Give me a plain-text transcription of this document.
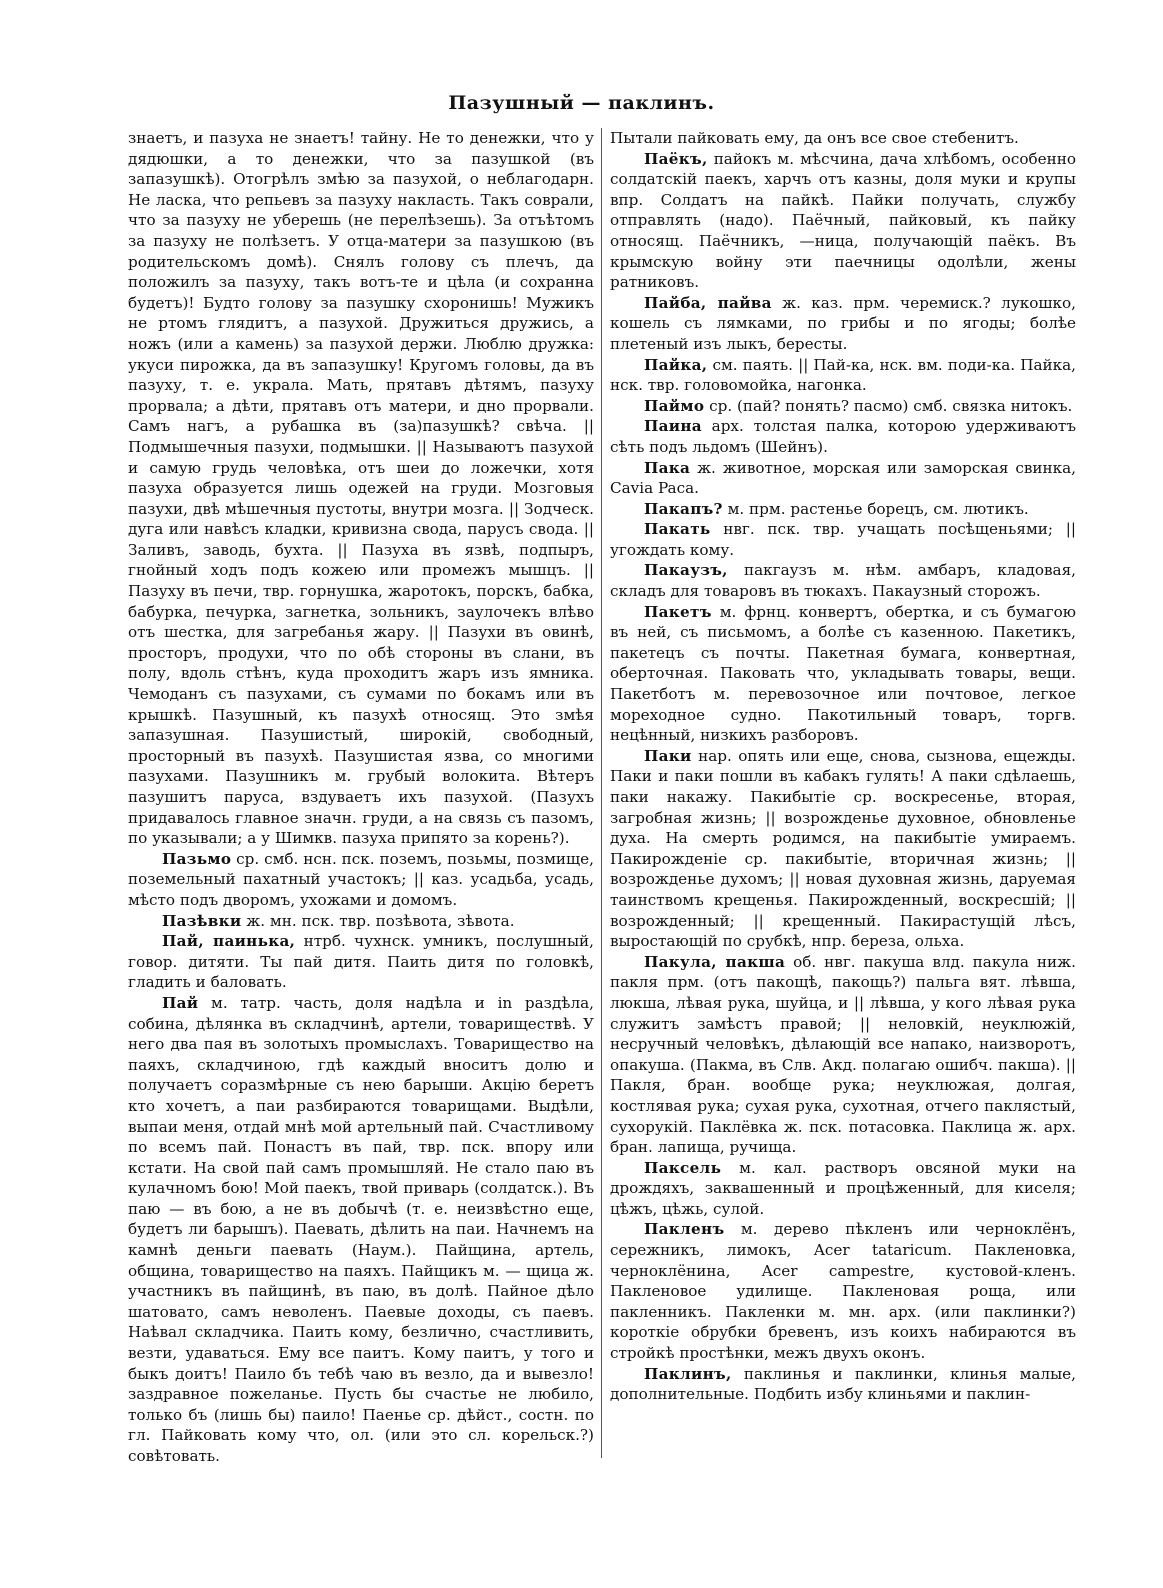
Пазушный — паклинъ.

знаетъ, и пазуха не знаетъ! тайну. Не то денежки, что у дядюшки, а то денежки, что за пазушкой (въ запазушкѣ). Отогрѣлъ змѣю за пазухой, о неблагодарн. Не ласка, что репьевъ за пазуху накласть. Такъ соврали, что за пазуху не уберешь (не перелѣзешь). За отъѣтомъ за пазуху не полѣзетъ. У отца-матери за пазушкою (въ родительскомъ домѣ). Снялъ голову съ плечъ, да положилъ за пазуху, такъ вотъ-те и цѣла (и сохранна будетъ)! Будто голову за пазушку схоронишь! Мужикъ не ртомъ глядитъ, а пазухой. Дружиться дружись, а ножъ (или а камень) за пазухой держи. Люблю дружка: укуси пирожка, да въ запазушку! Кругомъ головы, да въ пазуху, т. е. украла. Мать, прятавъ дѣтямъ, пазуху прорвала; а дѣти, прятавъ отъ матери, и дно прорвали. Самъ нагъ, а рубашка въ (за)пазушкѣ? свѣча. || Подмышечныя пазухи, подмышки. || Называютъ пазухой и самую грудь человѣка, отъ шеи до ложечки, хотя пазуха образуется лишь одежей на груди. Мозговыя пазухи, двѣ мѣшечныя пустоты, внутри мозга. || Зодческ. дуга или навѣсъ кладки, кривизна свода, парусъ свода. || Заливъ, заводь, бухта. || Пазуха въ язвѣ, подпыръ, гнойный ходъ подъ кожею или промежъ мышцъ. || Пазуху въ печи, твр. горнушка, жаротокъ, порскъ, бабка, бабурка, печурка, загнетка, зольникъ, заулочекъ влѣво отъ шестка, для загребанья жару. || Пазухи въ овинѣ, просторъ, продухи, что по обѣ стороны въ слани, въ полу, вдоль стѣнъ, куда проходитъ жаръ изъ ямника. Чемоданъ съ пазухами, съ сумами по бокамъ или въ крышкѣ. Пазушный, къ пазухѣ относящ. Это змѣя запазушная. Пазушистый, широкій, свободный, просторный въ пазухѣ. Пазушистая язва, со многими пазухами. Пазушникъ м. грубый волокита. Вѣтеръ пазушитъ паруса, вздуваетъ ихъ пазухой. (Пазухъ придавалось главное значн. груди, а на связь съ пазомъ, по указывали; а у Шимкв. пазуха припято за корень?).

Пазьмо ср. смб. нсн. пск. поземъ, позьмы, позмище, поземельный пахатный участокъ; || каз. усадьба, усадь, мѣсто подъ дворомъ, ухожами и домомъ.

Пазѣвки ж. мн. пск. твр. позѣвота, зѣвота.

Пай, паинька, нтрб. чухнск. умникъ, послушный, говор. дитяти. Ты пай дитя. Паить дитя по головкѣ, гладить и баловать.

Пай м. татр. часть, доля надѣла и in раздѣла, собина, дѣлянка въ складчинѣ, артели, товариществѣ. У него два пая въ золотыхъ промыслахъ. Товарищество на паяхъ, складчиною, гдѣ каждый вноситъ долю и получаетъ соразмѣрные съ нею барыши. Акцію беретъ кто хочетъ, а паи разбираются товарищами. Выдѣли, выпаи меня, отдай мнѣ мой артельный пай. Счастливому по всемъ пай. Понастъ въ пай, твр. пск. впору или кстати. На свой пай самъ промышляй. Не стало паю въ кулачномъ бою! Мой паекъ, твой приварь (солдатск.). Въ паю — въ бою, а не въ добычѣ (т. е. неизвѣстно еще, будетъ ли барышъ). Паевать, дѣлить на паи. Начнемъ на камнѣ деньги паевать (Наум.). Пайщина, артель, община, товарищество на паяхъ. Пайщикъ м. — щица ж. участникъ въ пайщинѣ, въ паю, въ долѣ. Пайное дѣло шатовато, самъ неволенъ. Паевые доходы, съ паевъ. Наѣвал складчика. Паить кому, безлично, счастливить, везти, удаваться. Ему все паитъ. Кому паитъ, у того и быкъ доитъ! Паило бъ тебѣ чаю въ везло, да и вывезло! заздравное пожеланье. Пусть бы счастье не любило, только бъ (лишь бы) паило! Паенье ср. дѣйст., состн. по гл. Пайковать кому что, ол. (или это сл. корельск.?) совѣтовать.

Пытали пайковать ему, да онъ все свое стебенитъ.

Паёкъ, пайокъ м. мѣсчина, дача хлѣбомъ, особенно солдатскій паекъ, харчъ отъ казны, доля муки и крупы впр. Солдатъ на пайкѣ. Пайки получать, службу отправлять (надо). Паёчный, пайковый, къ пайку относящ. Паёчникъ, —ница, получающій паёкъ. Въ крымскую войну эти паечницы одолѣли, жены ратниковъ.

Пайба, пайва ж. каз. прм. черемиск.? лукошко, кошель съ лямками, по грибы и по ягоды; болѣе плетеный изъ лыкъ, бересты.

Пайка, см. паять. || Пай-ка, нск. вм. поди-ка. Пайка, нск. твр. головомойка, нагонка.

Паймо ср. (пай? понять? пасмо) смб. связка нитокъ.

Паина арх. толстая палка, которою удерживаютъ сѣть подъ льдомъ (Шейнъ).

Пака ж. животное, морская или заморская свинка, Cavia Paca.

Пакапъ? м. прм. растенье борецъ, см. лютикъ.

Пакать нвг. пск. твр. учащать посѣщеньями; || угождать кому.

Пакаузъ, пакгаузъ м. нѣм. амбаръ, кладовая, складъ для товаровъ въ тюкахъ. Пакаузный сторожъ.

Пакетъ м. фрнц. конвертъ, обертка, и съ бумагою въ ней, съ письмомъ, а болѣе съ казенною. Пакетикъ, пакетецъ съ почты. Пакетная бумага, конвертная, оберточная. Паковать что, укладывать товары, вещи. Пакетботъ м. перевозочное или почтовое, легкое мореходное судно. Пакотильный товаръ, торгв. нецѣнный, низкихъ разборовъ.

Паки нар. опять или еще, снова, сызнова, ещежды. Паки и паки пошли въ кабакъ гулять! А паки сдѣлаешь, паки накажу. Пакибытіе ср. воскресенье, вторая, загробная жизнь; || возрожденье духовное, обновленье духа. На смерть родимся, на пакибытіе умираемъ. Пакирожденіе ср. пакибытіе, вторичная жизнь; || возрожденье духомъ; || новая духовная жизнь, даруемая таинствомъ крещенья. Пакирожденный, воскресшій; || возрожденный; || крещенный. Пакирастущій лѣсъ, выростающій по срубкѣ, нпр. береза, ольха.

Пакула, пакша об. нвг. пакуша влд. пакула ниж. пакля прм. (отъ пакощѣ, пакощь?) пальга вят. лѣвша, люкша, лѣвая рука, шуйца, и || лѣвша, у кого лѣвая рука служитъ замѣстъ правой; || неловкій, неуклюжій, несручный человѣкъ, дѣлающій все напако, наизворотъ, опакуша. (Пакма, въ Слв. Акд. полагаю ошибч. пакша). || Пакля, бран. вообще рука; неуклюжая, долгая, костлявая рука; сухая рука, сухотная, отчего пакляcтый, сухорукій. Паклёвка ж. пск. потасовка. Паклица ж. арх. бран. лапища, ручища.

Паксель м. кал. растворъ овсяной муки на дрождяхъ, заквашенный и процѣженный, для киселя; цѣжъ, цѣжь, сулой.

Пакленъ м. дерево пѣкленъ или черноклёнъ, сережникъ, лимокъ, Acer tataricum. Пакленовка, черноклёнина, Acer campestre, кустовой-кленъ. Пакленовое удилище. Пакленовая роща, или пакленникъ. Пакленки м. мн. арх. (или паклинки?) короткіе обрубки бревенъ, изъ коихъ набираются въ стройкѣ простѣнки, межъ двухъ оконъ.

Паклинъ, паклинья и паклинки, клинья малые, дополнительные. Подбить избу клиньями и паклин-
